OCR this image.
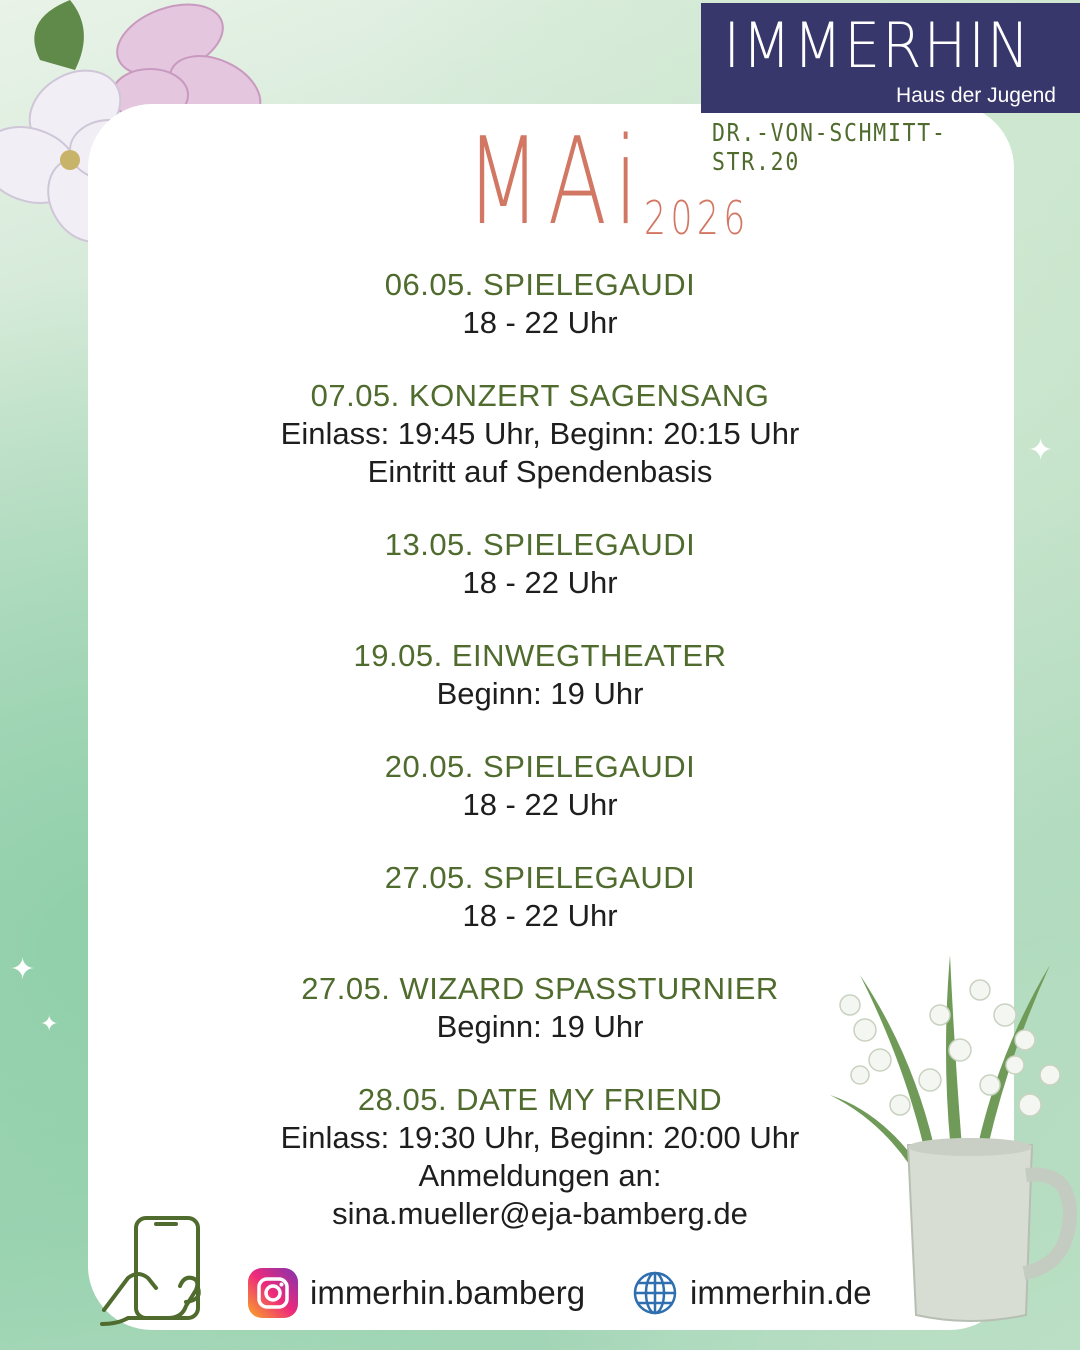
IMMERHIN
Haus der Jugend
DR.-VON-SCHMITT-STR.20
MAi
2026
06.05. SPIELEGAUDI
18 - 22 Uhr
07.05. KONZERT SAGENSANG
Einlass: 19:45 Uhr, Beginn: 20:15 Uhr
Eintritt auf Spendenbasis
13.05. SPIELEGAUDI
18 - 22 Uhr
19.05. EINWEGTHEATER
Beginn: 19 Uhr
20.05. SPIELEGAUDI
18 - 22 Uhr
27.05. SPIELEGAUDI
18 - 22 Uhr
27.05. WIZARD SPASSTURNIER
Beginn: 19 Uhr
28.05. DATE MY FRIEND
Einlass: 19:30 Uhr, Beginn: 20:00 Uhr
Anmeldungen an:
sina.mueller@eja-bamberg.de
immerhin.bamberg	immerhin.de
✦
✦
✦
